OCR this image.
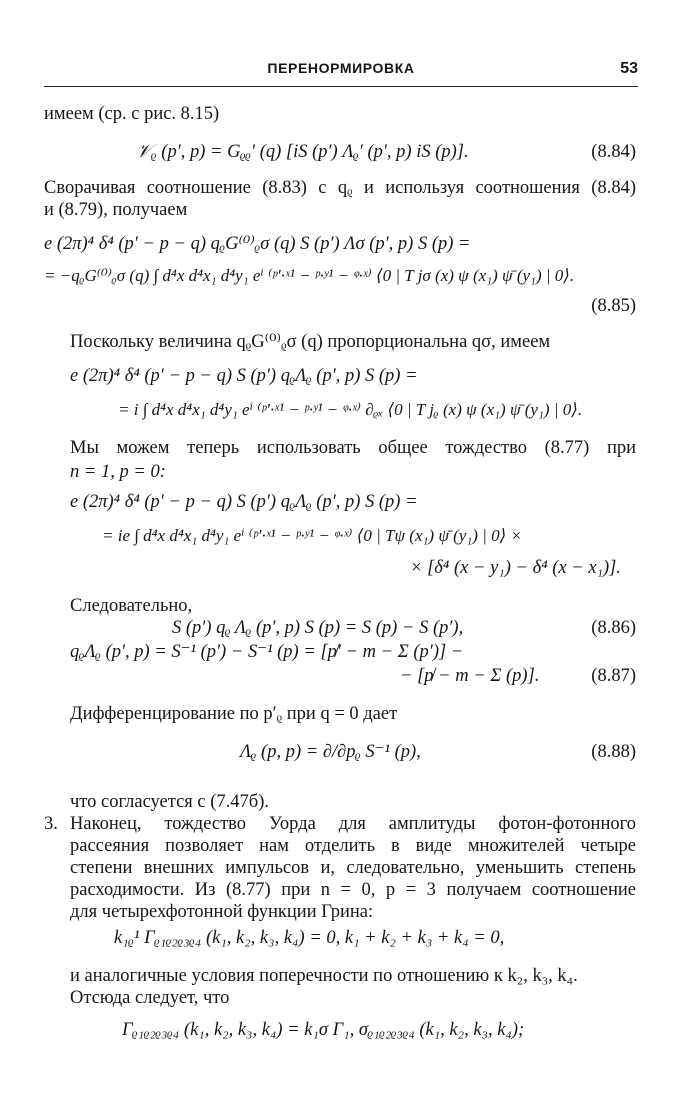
ПЕРЕНОРМИРОВКА	53
имеем (ср. с рис. 8.15)
𝒱ᵨ (p′, p) = Gᵨᵨ′ (q) [iS (p′) Λᵨ′ (p′, p) iS (p)].	(8.84)
Сворачивая соотношение (8.83) с qᵨ и используя соотношения (8.84)
и (8.79), получаем
e (2π)⁴ δ⁴ (p′ − p − q) qᵨG⁽⁰⁾ᵨσ (q) S (p′) Λσ (p′, p) S (p) =
= −qᵨG⁽⁰⁾ᵨσ (q) ∫ d⁴x d⁴x₁ d⁴y₁ eⁱ ⁽ᵖ′·ˣ¹ − ᵖ·ʸ¹ − ᵠ·ˣ⁾ ⟨0 | T jσ (x) ψ (x₁) ψ̄ (y₁) | 0⟩.
(8.85)
Поскольку величина qᵨG⁽⁰⁾ᵨσ (q) пропорциональна qσ, имеем
e (2π)⁴ δ⁴ (p′ − p − q) S (p′) qᵨΛᵨ (p′, p) S (p) =
= i ∫ d⁴x d⁴x₁ d⁴y₁ eⁱ ⁽ᵖ′·ˣ¹ − ᵖ·ʸ¹ − ᵠ·ˣ⁾ ∂ᵨₓ ⟨0 | T jᵨ (x) ψ (x₁) ψ̄ (y₁) | 0⟩.
Мы можем теперь использовать общее тождество (8.77) при
n = 1, p = 0:
e (2π)⁴ δ⁴ (p′ − p − q) S (p′) qᵨΛᵨ (p′, p) S (p) =
= ie ∫ d⁴x d⁴x₁ d⁴y₁ eⁱ ⁽ᵖ′·ˣ¹ − ᵖ·ʸ¹ − ᵠ·ˣ⁾ ⟨0 | Tψ (x₁) ψ̄ (y₁) | 0⟩ ×
× [δ⁴ (x − y₁) − δ⁴ (x − x₁)].
Следовательно,
S (p′) qᵨ Λᵨ (p′, p) S (p) = S (p) − S (p′),	(8.86)
qᵨΛᵨ (p′, p) = S⁻¹ (p′) − S⁻¹ (p) = [p̸′ − m − Σ (p′)] −
− [p̸ − m − Σ (p)].	(8.87)
Дифференцирование по p′ᵨ при q = 0 дает
Λᵨ (p, p) = ∂/∂pᵨ S⁻¹ (p),	(8.88)
что согласуется с (7.47б).
3. Наконец, тождество Уорда для амплитуды фотон-фотонного
рассеяния позволяет нам отделить в виде множителей четыре
степени внешних импульсов и, следовательно, уменьшить степень
расходимости. Из (8.77) при n = 0, p = 3 получаем соотношение
для четырехфотонной функции Грина:
k₁ᵨ¹ Γᵨ₁ᵨ₂ᵨ₃ᵨ₄ (k₁, k₂, k₃, k₄) = 0, k₁ + k₂ + k₃ + k₄ = 0,
и аналогичные условия поперечности по отношению к k₂, k₃, k₄.
Отсюда следует, что
Γᵨ₁ᵨ₂ᵨ₃ᵨ₄ (k₁, k₂, k₃, k₄) = k₁σ Γ₁, σᵨ₁ᵨ₂ᵨ₃ᵨ₄ (k₁, k₂, k₃, k₄);
